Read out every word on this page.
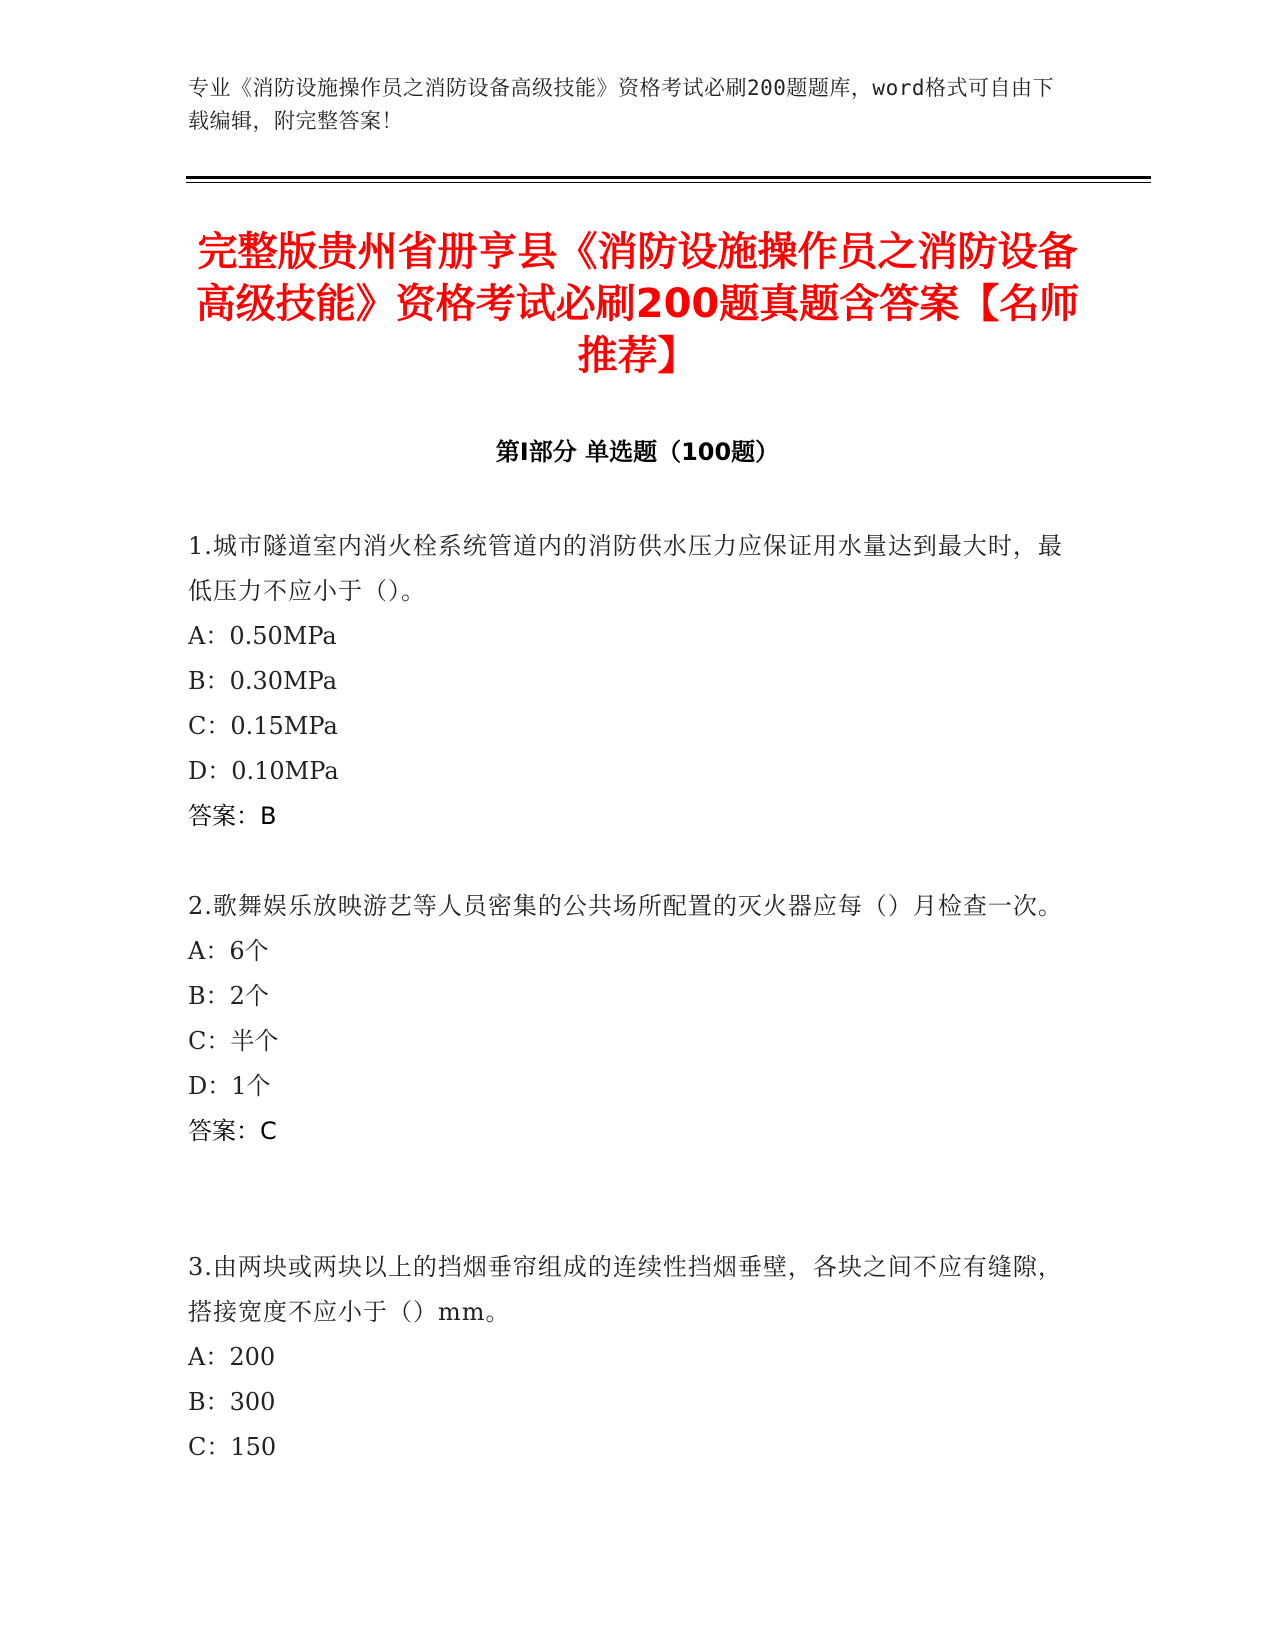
专业《消防设施操作员之消防设备高级技能》资格考试必刷200题题库，word格式可自由下载编辑，附完整答案！
完整版贵州省册亨县《消防设施操作员之消防设备高级技能》资格考试必刷200题真题含答案【名师推荐】
第Ⅰ部分 单选题（100题）

1.城市隧道室内消火栓系统管道内的消防供水压力应保证用水量达到最大时，最低压力不应小于（）。

A：0.50MPa

B：0.30MPa

C：0.15MPa

D：0.10MPa

答案：B

2.歌舞娱乐放映游艺等人员密集的公共场所配置的灭火器应每（）月检查一次。

A：6个

B：2个

C：半个

D：1个

答案：C

3.由两块或两块以上的挡烟垂帘组成的连续性挡烟垂壁，各块之间不应有缝隙，搭接宽度不应小于（）mm。

A：200

B：300

C：150
